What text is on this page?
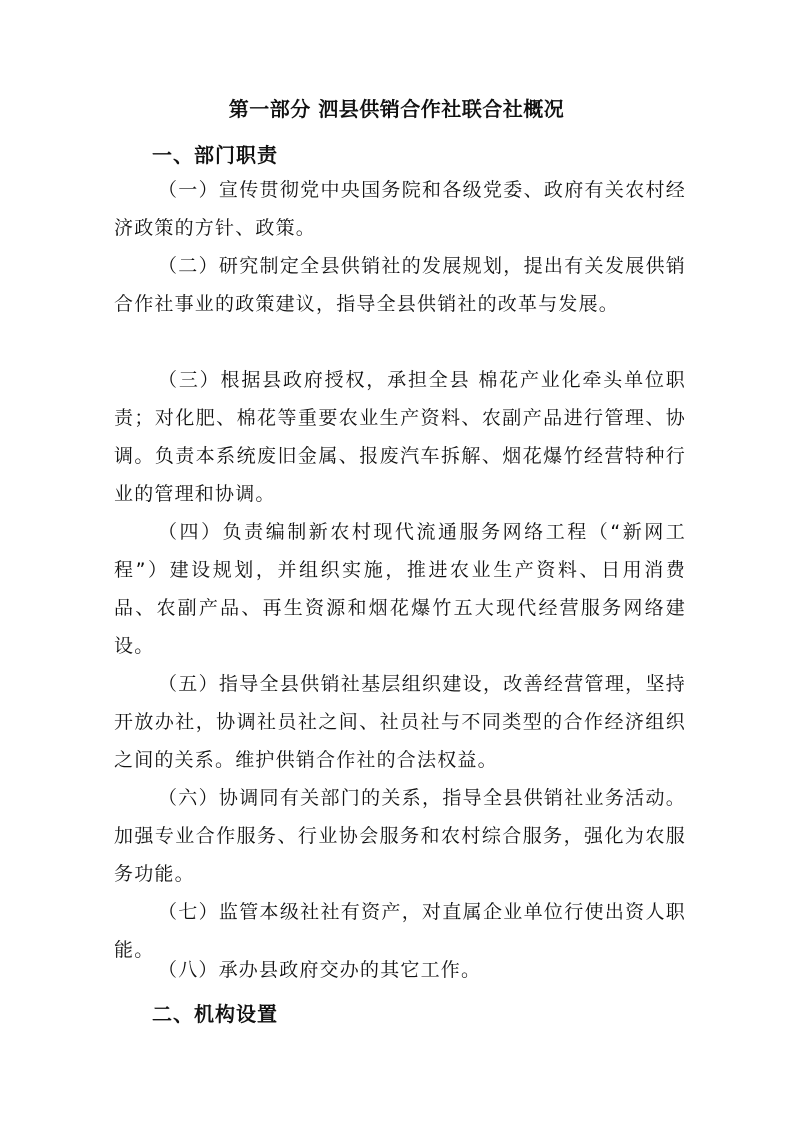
第一部分 泗县供销合作社联合社概况
一、部门职责

（一）宣传贯彻党中央国务院和各级党委、政府有关农村经济政策的方针、政策。

（二）研究制定全县供销社的发展规划，提出有关发展供销合作社事业的政策建议，指导全县供销社的改革与发展。

（三）根据县政府授权，承担全县 棉花产业化牵头单位职责；对化肥、棉花等重要农业生产资料、农副产品进行管理、协调。负责本系统废旧金属、报废汽车拆解、烟花爆竹经营特种行业的管理和协调。

（四）负责编制新农村现代流通服务网络工程（“新网工程”）建设规划，并组织实施，推进农业生产资料、日用消费品、农副产品、再生资源和烟花爆竹五大现代经营服务网络建设。

（五）指导全县供销社基层组织建设，改善经营管理，坚持开放办社，协调社员社之间、社员社与不同类型的合作经济组织之间的关系。维护供销合作社的合法权益。

（六）协调同有关部门的关系，指导全县供销社业务活动。加强专业合作服务、行业协会服务和农村综合服务，强化为农服务功能。

（七）监管本级社社有资产，对直属企业单位行使出资人职能。

（八）承办县政府交办的其它工作。

二、机构设置
